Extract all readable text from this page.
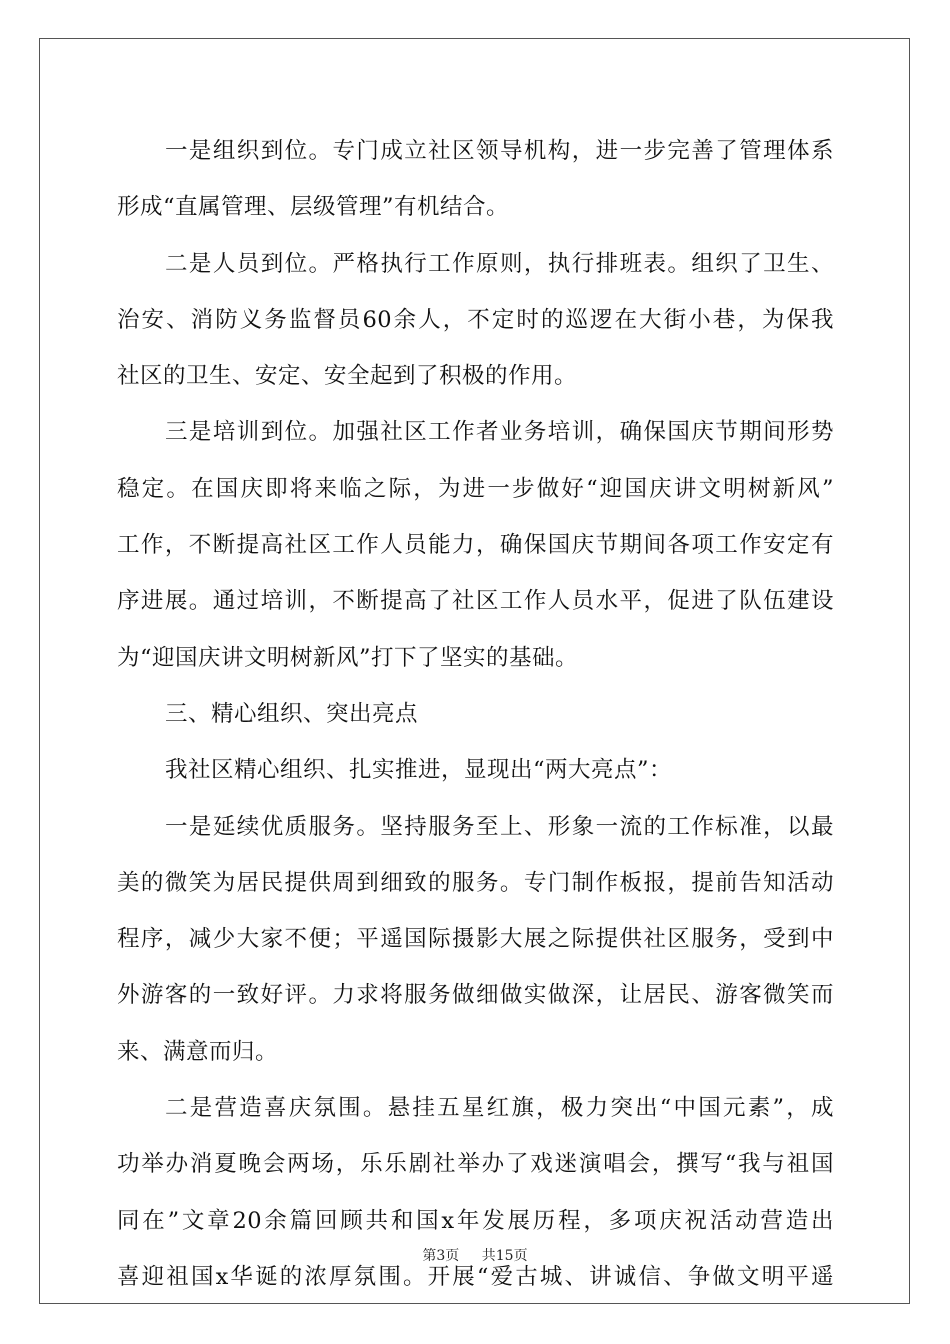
一是组织到位。专门成立社区领导机构，进一步完善了管理体系
形成“直属管理、层级管理”有机结合。
二是人员到位。严格执行工作原则，执行排班表。组织了卫生、
治安、消防义务监督员60余人，不定时的巡逻在大街小巷，为保我
社区的卫生、安定、安全起到了积极的作用。
三是培训到位。加强社区工作者业务培训，确保国庆节期间形势
稳定。在国庆即将来临之际，为进一步做好“迎国庆讲文明树新风”
工作，不断提高社区工作人员能力，确保国庆节期间各项工作安定有
序进展。通过培训，不断提高了社区工作人员水平，促进了队伍建设
为“迎国庆讲文明树新风”打下了坚实的基础。
三、精心组织、突出亮点
我社区精心组织、扎实推进，显现出“两大亮点”：
一是延续优质服务。坚持服务至上、形象一流的工作标准，以最
美的微笑为居民提供周到细致的服务。专门制作板报，提前告知活动
程序，减少大家不便；平遥国际摄影大展之际提供社区服务，受到中
外游客的一致好评。力求将服务做细做实做深，让居民、游客微笑而
来、满意而归。
二是营造喜庆氛围。悬挂五星红旗，极力突出“中国元素”，成
功举办消夏晚会两场，乐乐剧社举办了戏迷演唱会，撰写“我与祖国
同在”文章20余篇回顾共和国x年发展历程，多项庆祝活动营造出
喜迎祖国x华诞的浓厚氛围。开展“爱古城、讲诚信、争做文明平遥
第3页 共15页
